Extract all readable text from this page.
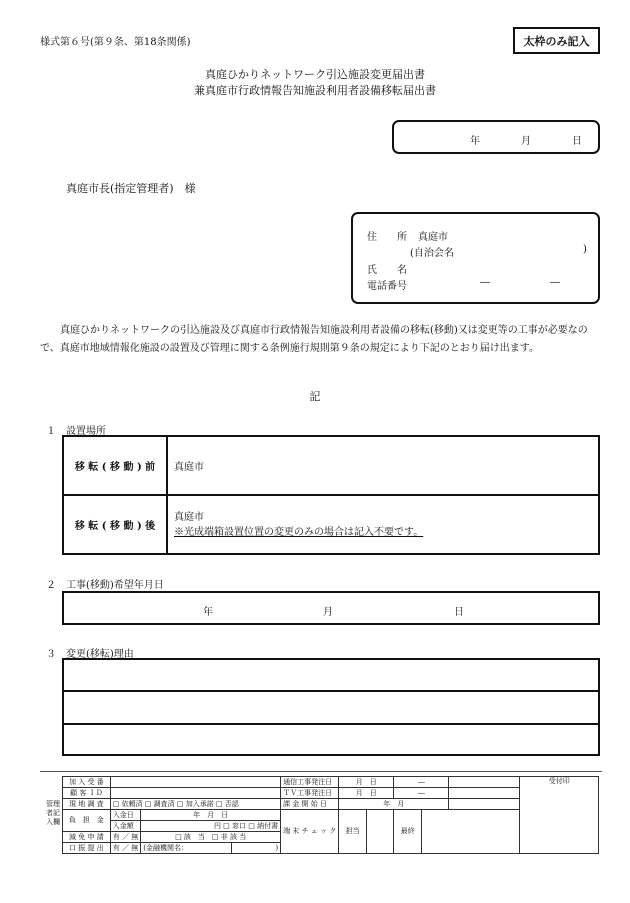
様式第６号(第９条、第18条関係)	太枠のみ記入
真庭ひかりネットワーク引込施設変更届出書
兼真庭市行政情報告知施設利用者設備移転届出書
年	月	日
真庭市長(指定管理者)　様
住　　所 真庭市
(自治会名	)
氏　　名
電話番号	―	―
真庭ひかりネットワークの引込施設及び真庭市行政情報告知施設利用者設備の移転(移動)又は変更等の工事が必要なので、真庭市地域情報化施設の設置及び管理に関する条例施行規則第９条の規定により下記のとおり届け出ます。
記
１　設置場所
移 転 ( 移 動 ) 前	真庭市
移 転 ( 移 動 ) 後	真庭市
※光成端箱設置位置の変更のみの場合は記入不要です。
２　工事(移動)希望年月日
年	月	日
３　変更(移転)理由
管理者記入欄
加 入 受 番				通信工事発注日	月　日		―			受付印
顧 客 ＩＤ				ＴＶ工事発注日	月　日		―			
現 地 調 査	□ 依頼済 □ 調査済 □ 加入承諾 □ 否認			課 金 開 始 日	年　月					
負　担　金	入金日	年　月　日		端 末 チ ェ ッ ク	担当		最終			
	入金額	円 □ 窓口 □ 納付書								
減 免 申 請	有 ／ 無	□ 該　当　□ 非 該 当								
口 振 提 出	有 ／ 無	(金融機関名：	)							
